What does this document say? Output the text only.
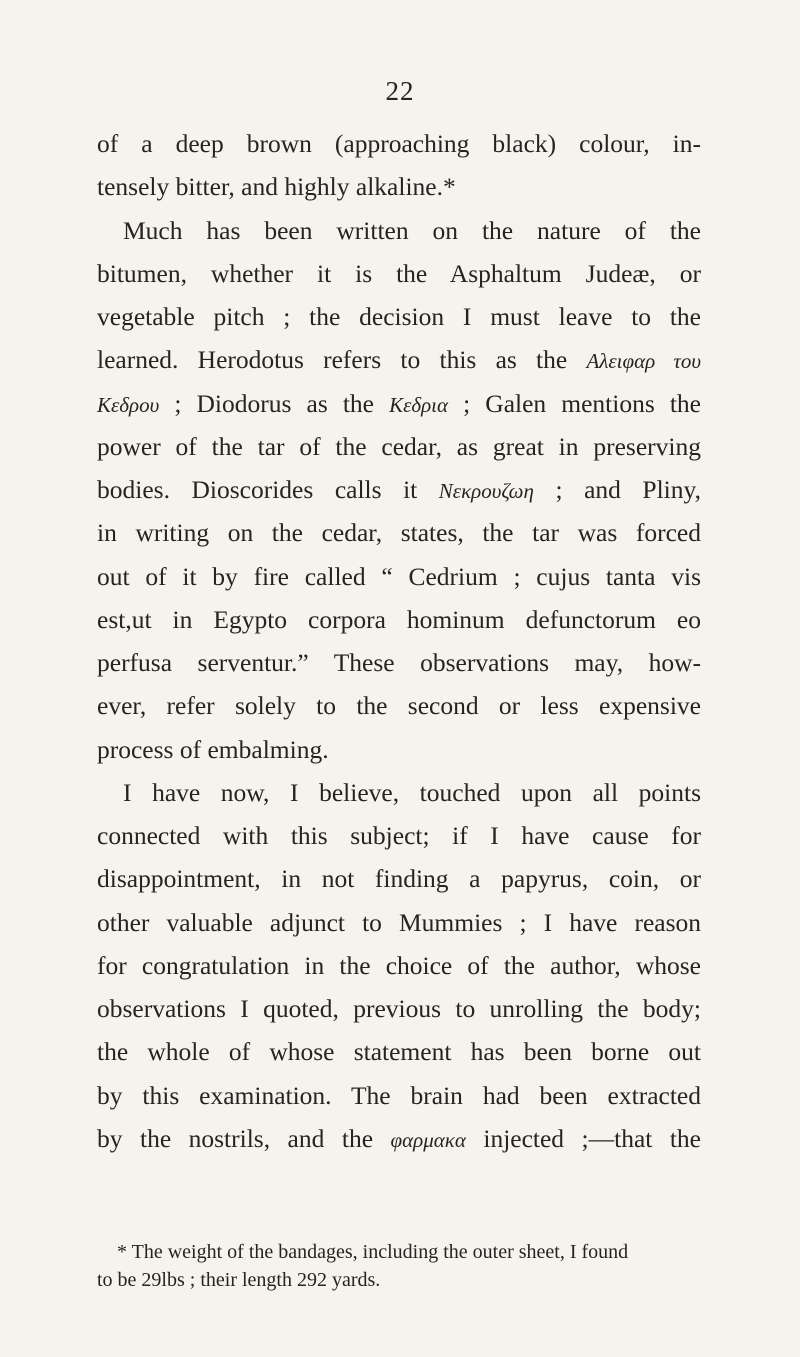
22
of a deep brown (approaching black) colour, in-
tensely bitter, and highly alkaline.*
Much has been written on the nature of the
bitumen, whether it is the Asphaltum Judeæ, or
vegetable pitch ; the decision I must leave to the
learned. Herodotus refers to this as the Αλειφαρ του
Κεδρου ; Diodorus as the Κεδρια ; Galen mentions the
power of the tar of the cedar, as great in preserving
bodies. Dioscorides calls it Νεκρουζωη ; and Pliny,
in writing on the cedar, states, the tar was forced
out of it by fire called “ Cedrium ; cujus tanta vis
est,ut in Egypto corpora hominum defunctorum eo
perfusa serventur.” These observations may, how-
ever, refer solely to the second or less expensive
process of embalming.
I have now, I believe, touched upon all points
connected with this subject; if I have cause for
disappointment, in not finding a papyrus, coin, or
other valuable adjunct to Mummies ; I have reason
for congratulation in the choice of the author, whose
observations I quoted, previous to unrolling the body;
the whole of whose statement has been borne out
by this examination. The brain had been extracted
by the nostrils, and the φαρμακα injected ;—that the
* The weight of the bandages, including the outer sheet, I found
to be 29lbs ; their length 292 yards.
